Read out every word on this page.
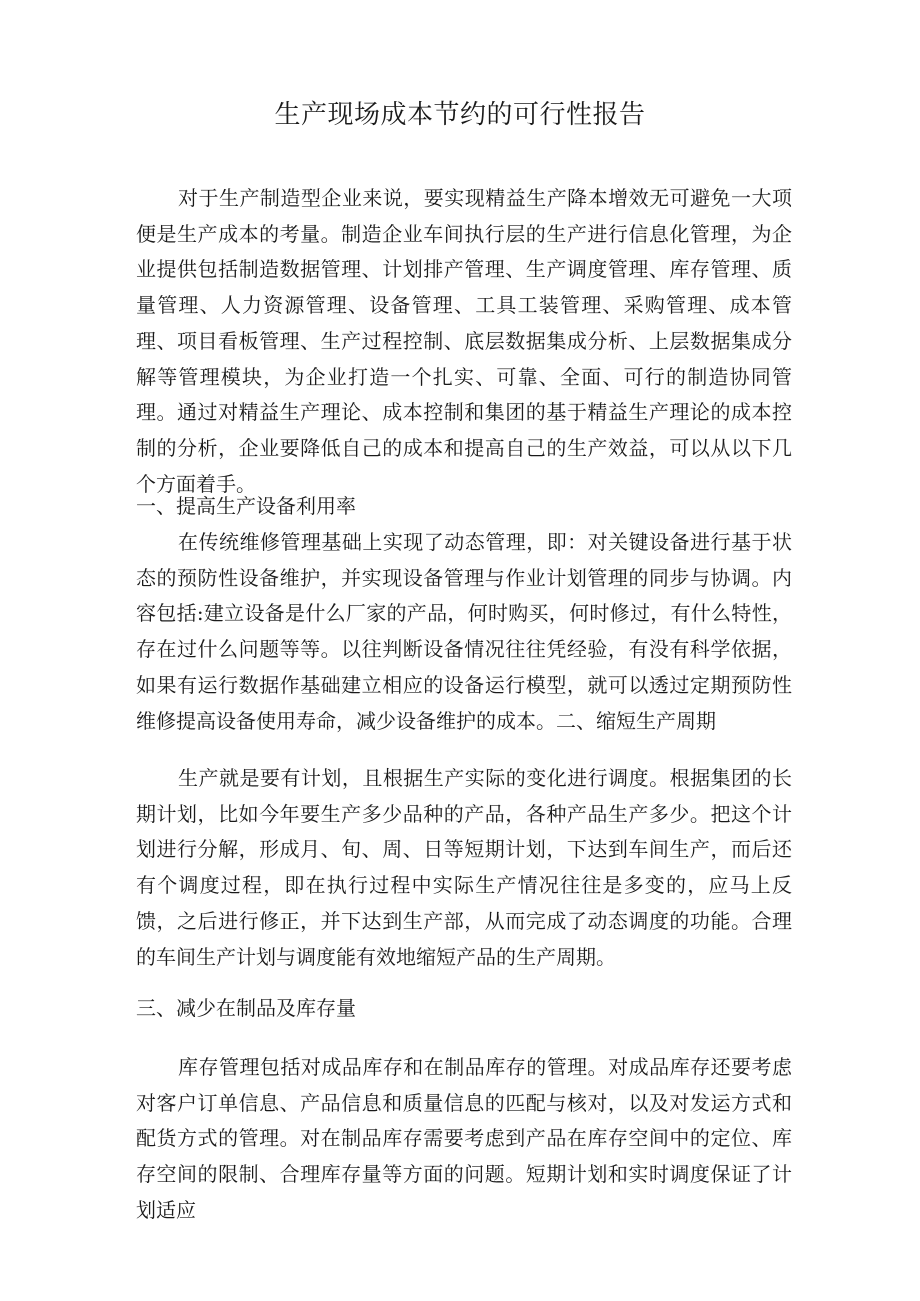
生产现场成本节约的可行性报告

对于生产制造型企业来说，要实现精益生产降本增效无可避免一大项便是生产成本的考量。制造企业车间执行层的生产进行信息化管理，为企业提供包括制造数据管理、计划排产管理、生产调度管理、库存管理、质量管理、人力资源管理、设备管理、工具工装管理、采购管理、成本管理、项目看板管理、生产过程控制、底层数据集成分析、上层数据集成分解等管理模块，为企业打造一个扎实、可靠、全面、可行的制造协同管理。通过对精益生产理论、成本控制和集团的基于精益生产理论的成本控制的分析，企业要降低自己的成本和提高自己的生产效益，可以从以下几个方面着手。

一、提高生产设备利用率

在传统维修管理基础上实现了动态管理，即：对关键设备进行基于状态的预防性设备维护，并实现设备管理与作业计划管理的同步与协调。内容包括:建立设备是什么厂家的产品，何时购买，何时修过，有什么特性，存在过什么问题等等。以往判断设备情况往往凭经验，有没有科学依据，如果有运行数据作基础建立相应的设备运行模型，就可以透过定期预防性维修提高设备使用寿命，减少设备维护的成本。二、缩短生产周期

生产就是要有计划，且根据生产实际的变化进行调度。根据集团的长期计划，比如今年要生产多少品种的产品，各种产品生产多少。把这个计划进行分解，形成月、旬、周、日等短期计划，下达到车间生产，而后还有个调度过程，即在执行过程中实际生产情况往往是多变的，应马上反馈，之后进行修正，并下达到生产部，从而完成了动态调度的功能。合理的车间生产计划与调度能有效地缩短产品的生产周期。

三、减少在制品及库存量

库存管理包括对成品库存和在制品库存的管理。对成品库存还要考虑对客户订单信息、产品信息和质量信息的匹配与核对，以及对发运方式和配货方式的管理。对在制品库存需要考虑到产品在库存空间中的定位、库存空间的限制、合理库存量等方面的问题。短期计划和实时调度保证了计划适应
